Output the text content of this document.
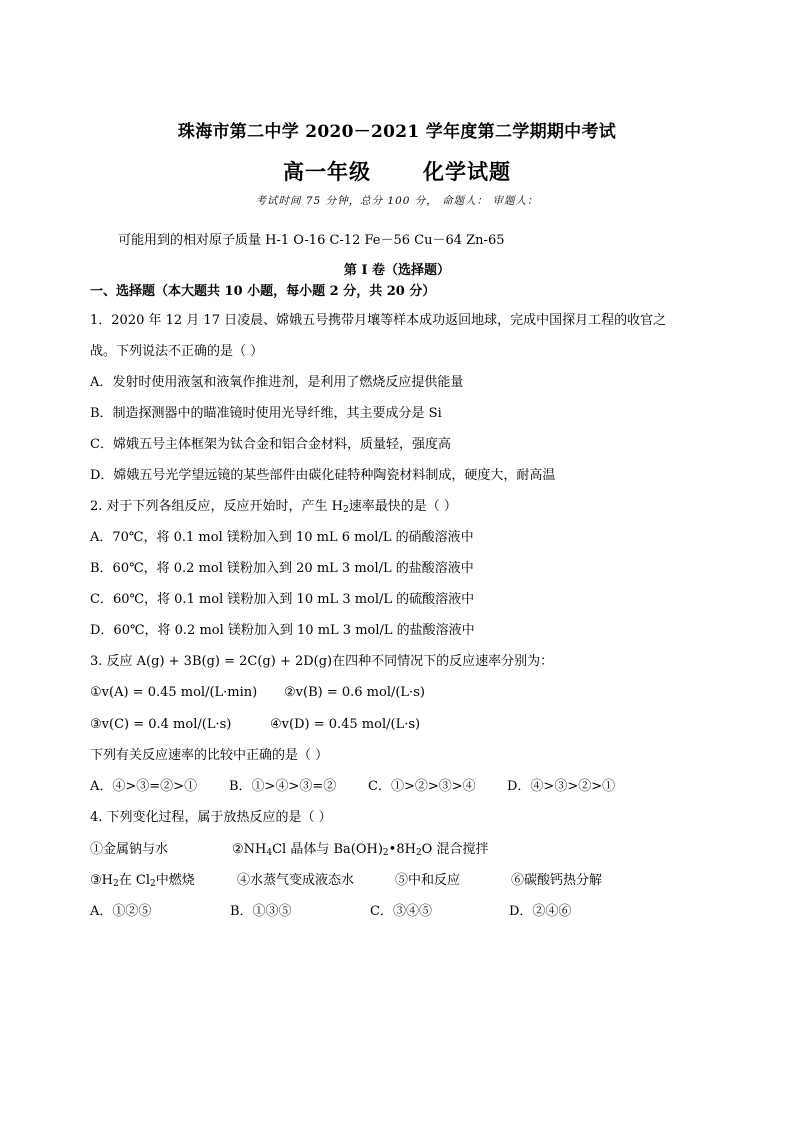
珠海市第二中学 2020－2021 学年度第二学期期中考试
高一年级 化学试题
考试时间 75 分钟，总分 100 分， 命题人： 审题人：
可能用到的相对原子质量 H-1 O-16 C-12 Fe－56 Cu－64 Zn-65
第 I 卷（选择题）
一、选择题（本大题共 10 小题，每小题 2 分，共 20 分）
1．2020 年 12 月 17 日凌晨、嫦娥五号携带月壤等样本成功返回地球，完成中国探月工程的收官之
战。下列说法不正确的是（ ）
A．发射时使用液氢和液氧作推进剂，是利用了燃烧反应提供能量
B．制造探测器中的瞄准镜时使用光导纤维，其主要成分是 Si
C．嫦娥五号主体框架为钛合金和铝合金材料，质量轻，强度高
D．嫦娥五号光学望远镜的某些部件由碳化硅特种陶瓷材料制成，硬度大，耐高温
2. 对于下列各组反应，反应开始时，产生 $H_2$速率最快的是（ ）
A．70℃，将 0.1 mol 镁粉加入到 10 mL 6 mol/L 的硝酸溶液中
B．60℃，将 0.2 mol 镁粉加入到 20 mL 3 mol/L 的盐酸溶液中
C．60℃，将 0.1 mol 镁粉加入到 10 mL 3 mol/L 的硫酸溶液中
D．60℃，将 0.2 mol 镁粉加入到 10 mL 3 mol/L 的盐酸溶液中
3. 反应 A(g) + 3B(g) = 2C(g) + 2D(g)在四种不同情况下的反应速率分别为：
①v(A) = 0.45 mol/(L·min) ②v(B) = 0.6 mol/(L·s)
③v(C) = 0.4 mol/(L·s)	④v(D) = 0.45 mol/(L·s)
下列有关反应速率的比较中正确的是（ ）
A．④>③=②>① B．①>④>③=② C．①>②>③>④ D．④>③>②>①
4. 下列变化过程，属于放热反应的是（ ）
①金属钠与水	②NH4Cl 晶体与 Ba(OH)2•8H2O 混合搅拌
③H2在 Cl2中燃烧	④水蒸气变成液态水	⑤中和反应	⑥碳酸钙热分解
A．①②⑤	B．①③⑤	C．③④⑤	D．②④⑥
